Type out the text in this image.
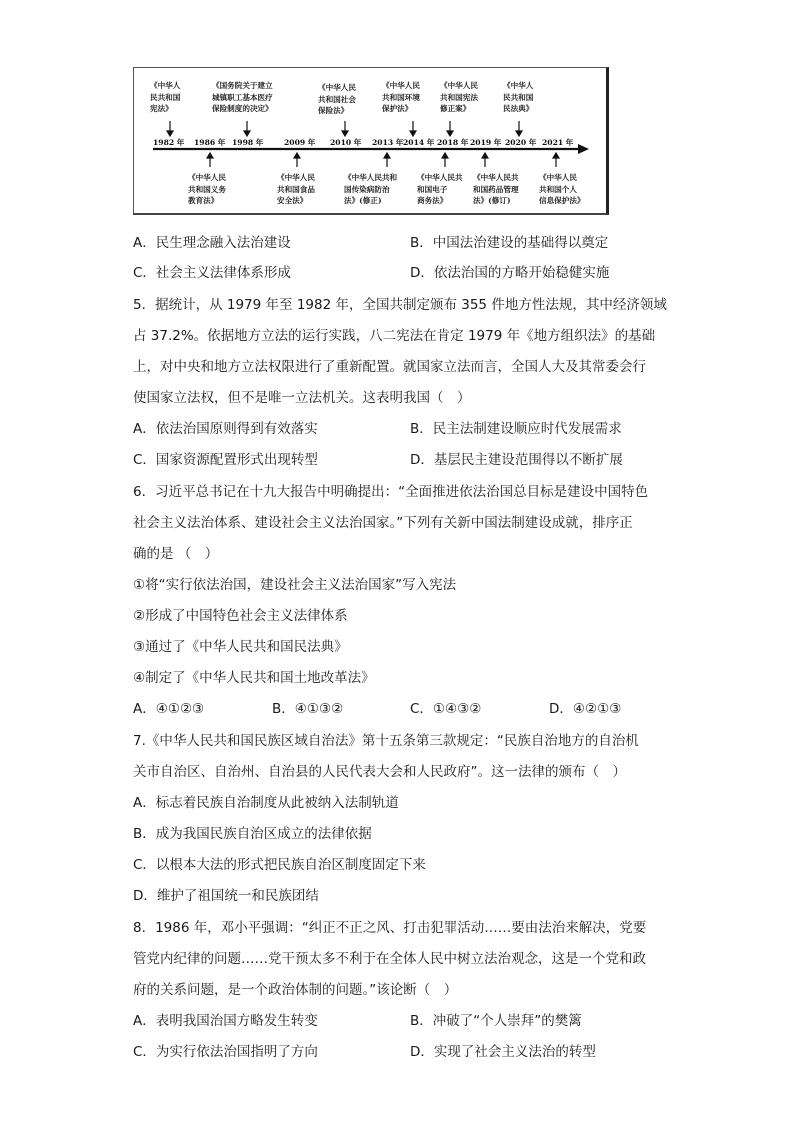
《中华人
民共和国
宪法》
《国务院关于建立
城镇职工基本医疗
保险制度的决定》
《中华人民
共和国社会
保险法》
《中华人民
共和国环境
保护法》
《中华人民
共和国宪法
修正案》
《中华人
民共和国
民法典》
1982 年 1986 年 1998 年	2009 年 2010 年 2013 年 2014 年 2018 年 2019 年 2020 年 2021 年
《中华人民
共和国义务
教育法》
《中华人民
共和国食品
安全法》
《中华人民共和
国传染病防治
法》(修正)
《中华人民共
和国电子
商务法》
《中华人民共
和国药品管理
法》(修订)
《中华人民
共和国个人
信息保护法》
A．民生理念融入法治建设	B．中国法治建设的基础得以奠定
C．社会主义法律体系形成	D．依法治国的方略开始稳健实施
5．据统计，从 1979 年至 1982 年，全国共制定颁布 355 件地方性法规，其中经济领域
占 37.2%。依据地方立法的运行实践，八二宪法在肯定 1979 年《地方组织法》的基础
上，对中央和地方立法权限进行了重新配置。就国家立法而言，全国人大及其常委会行
使国家立法权，但不是唯一立法机关。这表明我国（　）
A．依法治国原则得到有效落实	B．民主法制建设顺应时代发展需求
C．国家资源配置形式出现转型	D．基层民主建设范围得以不断扩展
6．习近平总书记在十九大报告中明确提出：“全面推进依法治国总目标是建设中国特色
社会主义法治体系、建设社会主义法治国家。”下列有关新中国法制建设成就，排序正
确的是 （　）
①将“实行依法治国，建设社会主义法治国家”写入宪法
②形成了中国特色社会主义法律体系
③通过了《中华人民共和国民法典》
④制定了《中华人民共和国土地改革法》
A．④①②③	B．④①③②	C．①④③②	D．④②①③
7.《中华人民共和国民族区域自治法》第十五条第三款规定：“民族自治地方的自治机
关市自治区、自治州、自治县的人民代表大会和人民政府”。这一法律的颁布（　）
A．标志着民族自治制度从此被纳入法制轨道
B．成为我国民族自治区成立的法律依据
C．以根本大法的形式把民族自治区制度固定下来
D．维护了祖国统一和民族团结
8．1986 年，邓小平强调：“纠正不正之风、打击犯罪活动……要由法治来解决，党要
管党内纪律的问题……党干预太多不利于在全体人民中树立法治观念，这是一个党和政
府的关系问题，是一个政治体制的问题。”该论断（　）
A．表明我国治国方略发生转变	B．冲破了“个人崇拜”的樊篱
C．为实行依法治国指明了方向	D．实现了社会主义法治的转型
